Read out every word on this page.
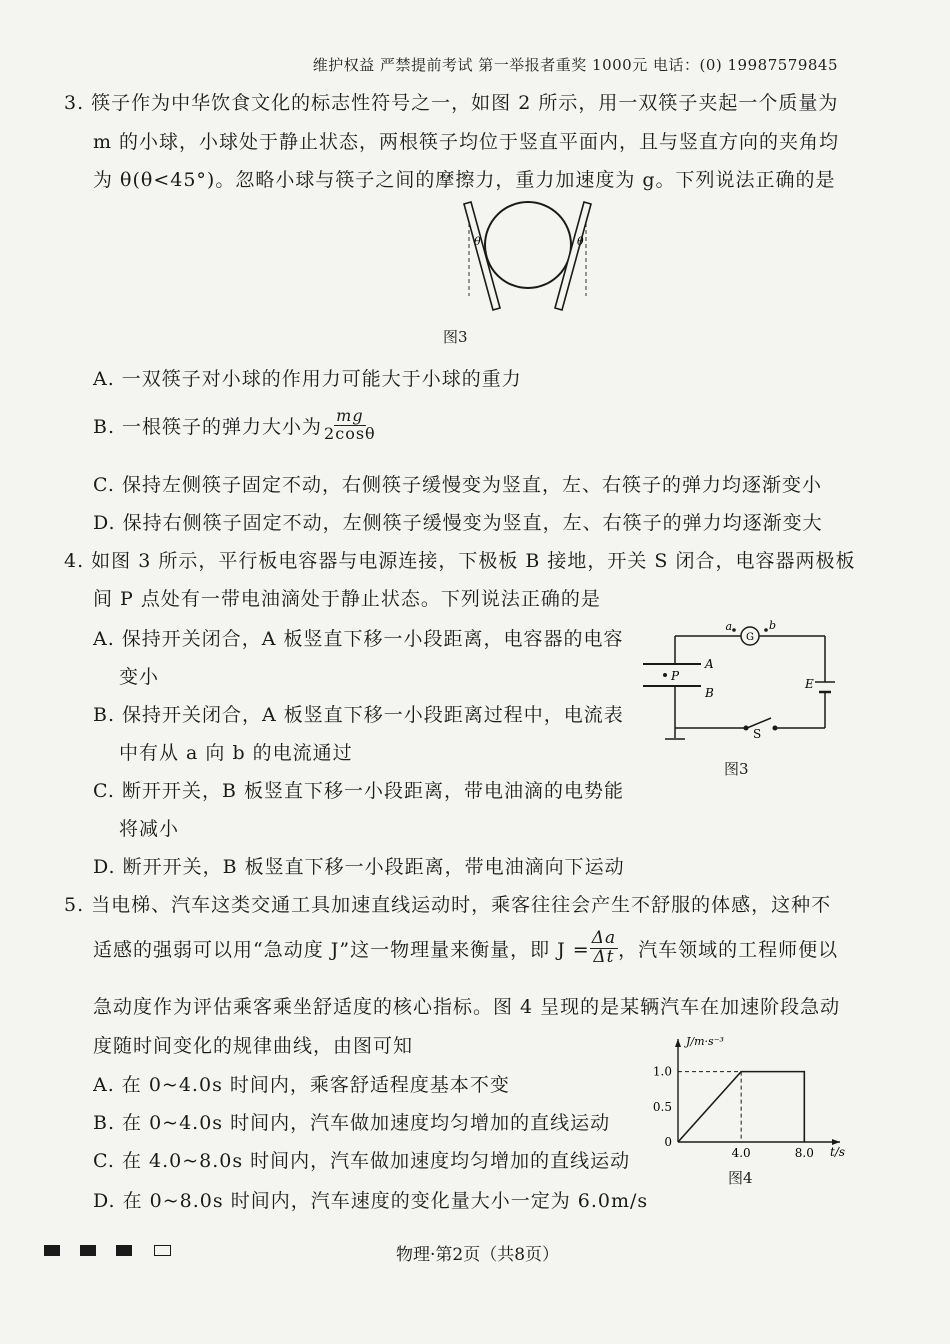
维护权益 严禁提前考试 第一举报者重奖 1000元 电话：(0) 19987579845
3. 筷子作为中华饮食文化的标志性符号之一，如图 2 所示，用一双筷子夹起一个质量为
m 的小球，小球处于静止状态，两根筷子均位于竖直平面内，且与竖直方向的夹角均
为 θ(θ<45°)。忽略小球与筷子之间的摩擦力，重力加速度为 g。下列说法正确的是
θ	θ
图3
A. 一双筷子对小球的作用力可能大于小球的重力
B. 一根筷子的弹力大小为 $\frac{mg}{2\cos\theta}$
C. 保持左侧筷子固定不动，右侧筷子缓慢变为竖直，左、右筷子的弹力均逐渐变小
D. 保持右侧筷子固定不动，左侧筷子缓慢变为竖直，左、右筷子的弹力均逐渐变大
4. 如图 3 所示，平行板电容器与电源连接，下极板 B 接地，开关 S 闭合，电容器两极板
间 P 点处有一带电油滴处于静止状态。下列说法正确的是
A. 保持开关闭合，A 板竖直下移一小段距离，电容器的电容
变小
B. 保持开关闭合，A 板竖直下移一小段距离过程中，电流表
中有从 a 向 b 的电流通过
C. 断开开关，B 板竖直下移一小段距离，带电油滴的电势能
将减小
D. 断开开关，B 板竖直下移一小段距离，带电油滴向下运动
a	b
G
A
B
P
E
S
图3
5. 当电梯、汽车这类交通工具加速直线运动时，乘客往往会产生不舒服的体感，这种不
适感的强弱可以用“急动度 J”这一物理量来衡量，即 $J = \frac{\Delta a}{\Delta t}$ ，汽车领域的工程师便以
急动度作为评估乘客乘坐舒适度的核心指标。图 4 呈现的是某辆汽车在加速阶段急动
度随时间变化的规律曲线，由图可知
A. 在 0~4.0s 时间内，乘客舒适程度基本不变
B. 在 0~4.0s 时间内，汽车做加速度均匀增加的直线运动
C. 在 4.0~8.0s 时间内，汽车做加速度均匀增加的直线运动
D. 在 0~8.0s 时间内，汽车速度的变化量大小一定为 6.0m/s
J/m·s⁻³
t/s
0
0.5
1.0
4.0	8.0
图4
物理·第2页（共8页）
